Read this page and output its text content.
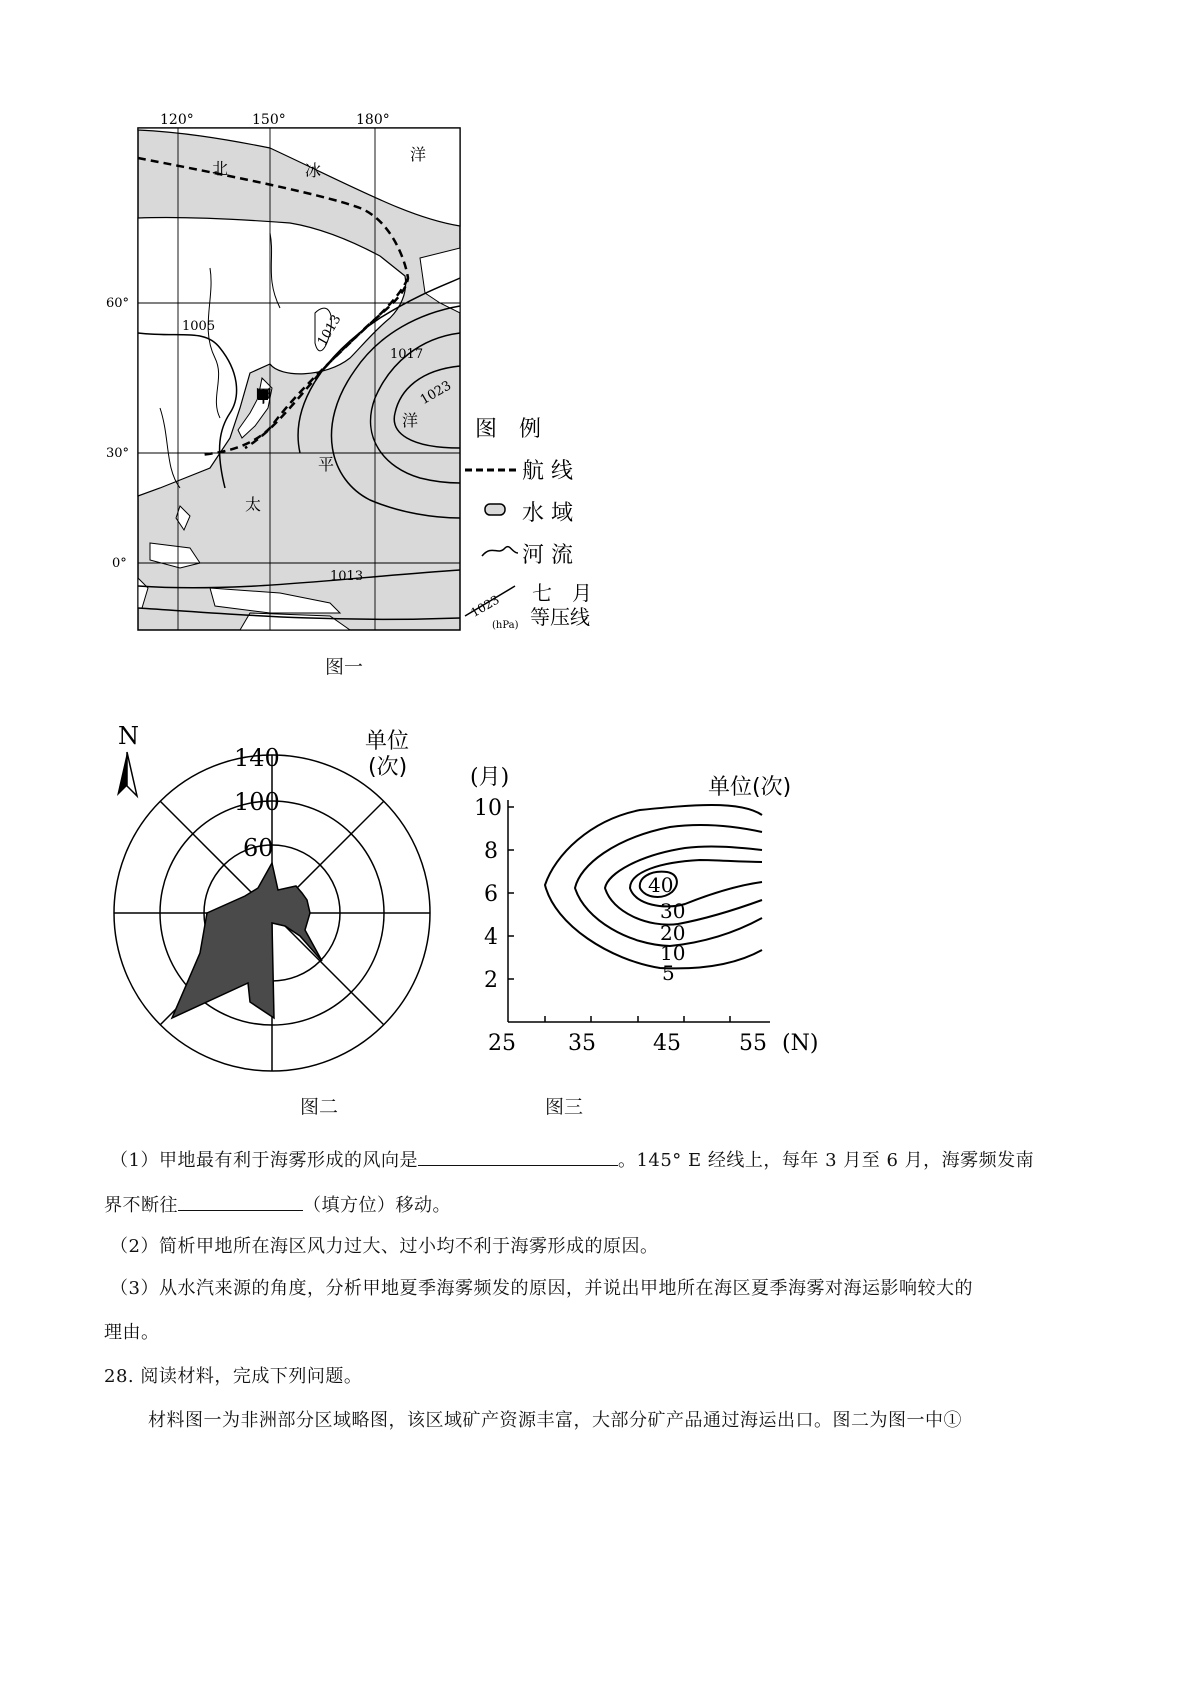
1005	1013
1017
1023
1013
甲
北	冰
洋
洋
平
太
120°	150°	180°
60°
30°
0°
图　例
航 线
水 域
河 流
1023
(hPa)
七　月
等压线
图一
N
140
100
60
单位
(次)
图二
(月)	单位(次)
10
8
6
4
2
25 35	45	55 (N)
40
30
20
10
5
图三
（1）甲地最有利于海雾形成的风向是	。145° E 经线上，每年 3 月至 6 月，海雾频发南
界不断往	（填方位）移动。
（2）简析甲地所在海区风力过大、过小均不利于海雾形成的原因。
（3）从水汽来源的角度，分析甲地夏季海雾频发的原因，并说出甲地所在海区夏季海雾对海运影响较大的
理由。
28. 阅读材料，完成下列问题。
材料图一为非洲部分区域略图，该区域矿产资源丰富，大部分矿产品通过海运出口。图二为图一中①
